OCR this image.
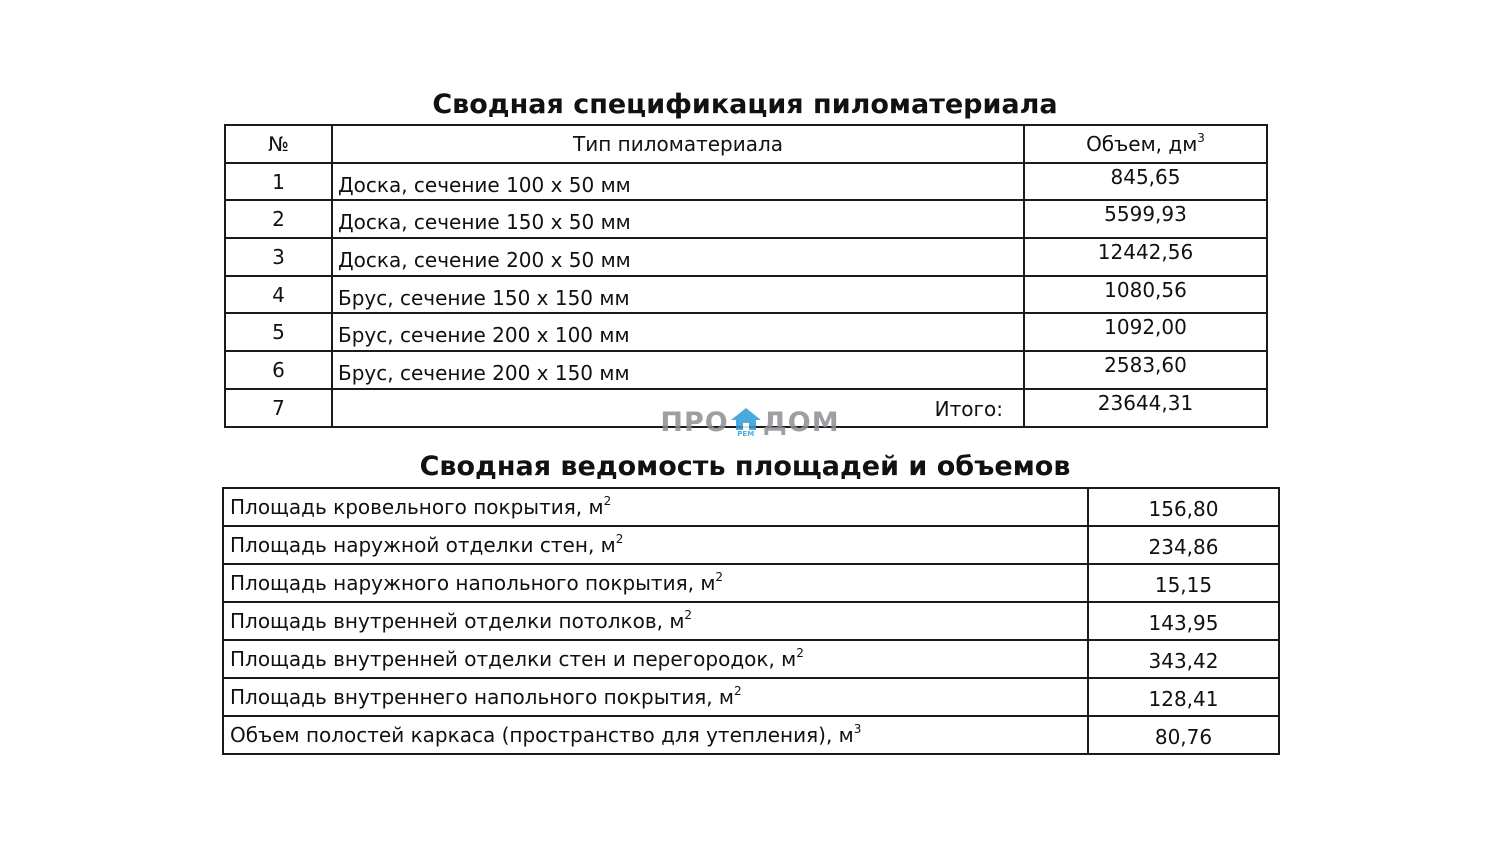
Сводная спецификация пиломатериала
№	Тип пиломатериала	Объем, $дм^3$
1	Доска, сечение 100 х 50 мм	845,65
2	Доска, сечение 150 х 50 мм	5599,93
3	Доска, сечение 200 х 50 мм	12442,56
4	Брус, сечение 150 х 150 мм	1080,56
5	Брус, сечение 200 х 100 мм	1092,00
6	Брус, сечение 200 х 150 мм	2583,60
7	Итого:	23644,31
ПРО	РЕМ ДОМ
Сводная ведомость площадей и объемов
Площадь кровельного покрытия, $м^2$	156,80
Площадь наружной отделки стен, $м^2$	234,86
Площадь наружного напольного покрытия, $м^2$	15,15
Площадь внутренней отделки потолков, $м^2$	143,95
Площадь внутренней отделки стен и перегородок, $м^2$	343,42
Площадь внутреннего напольного покрытия, $м^2$	128,41
Объем полостей каркаса (пространство для утепления), $м^3$	80,76
